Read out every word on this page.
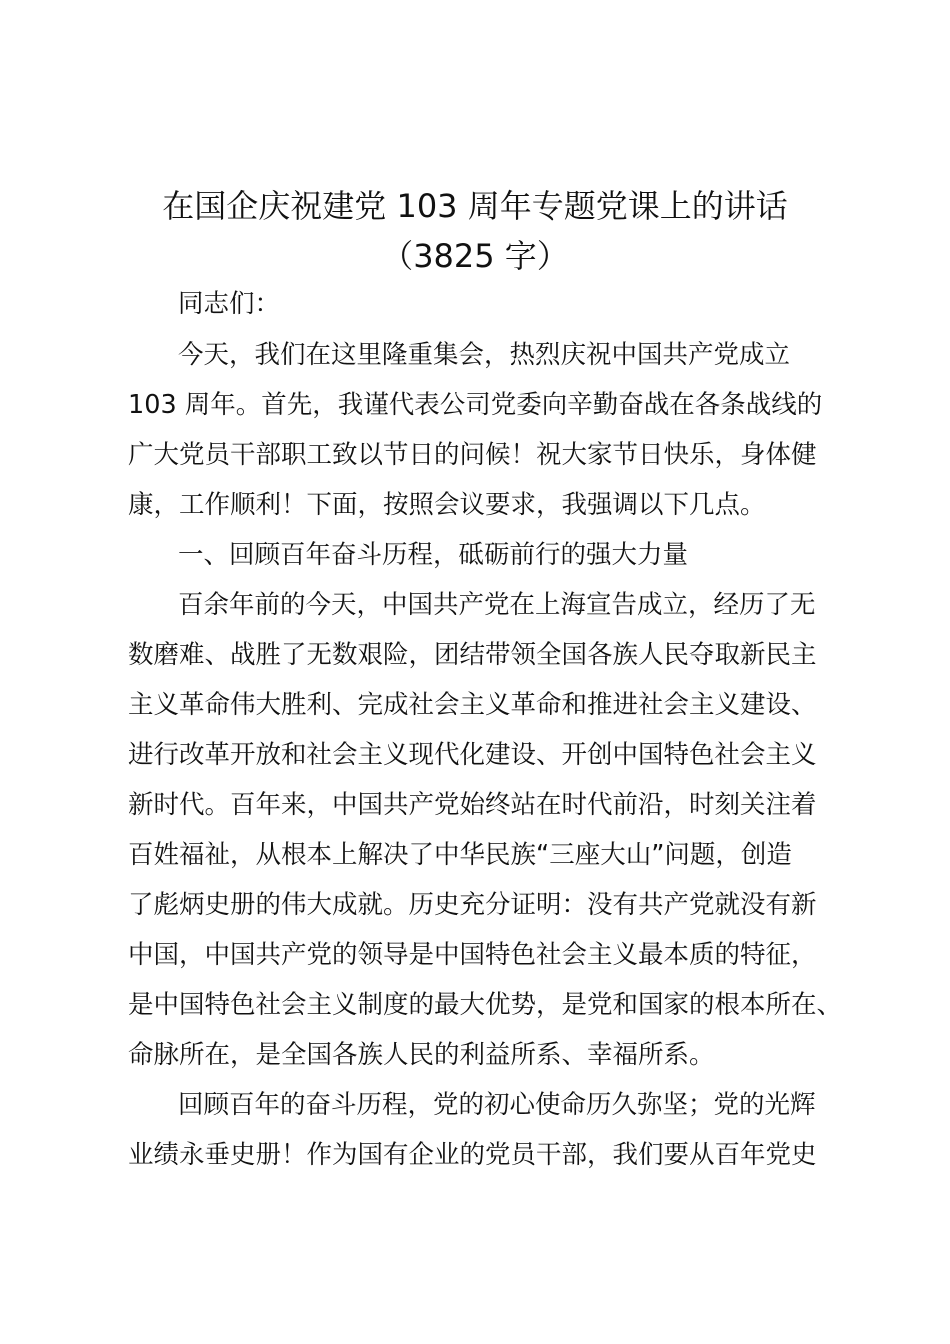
在国企庆祝建党 103 周年专题党课上的讲话
（3825 字）
同志们：
今天，我们在这里隆重集会，热烈庆祝中国共产党成立
103 周年。首先，我谨代表公司党委向辛勤奋战在各条战线的
广大党员干部职工致以节日的问候！祝大家节日快乐，身体健
康，工作顺利！下面，按照会议要求，我强调以下几点。
一、回顾百年奋斗历程，砥砺前行的强大力量
百余年前的今天，中国共产党在上海宣告成立，经历了无
数磨难、战胜了无数艰险，团结带领全国各族人民夺取新民主
主义革命伟大胜利、完成社会主义革命和推进社会主义建设、
进行改革开放和社会主义现代化建设、开创中国特色社会主义
新时代。百年来，中国共产党始终站在时代前沿，时刻关注着
百姓福祉，从根本上解决了中华民族“三座大山”问题，创造
了彪炳史册的伟大成就。历史充分证明：没有共产党就没有新
中国，中国共产党的领导是中国特色社会主义最本质的特征，
是中国特色社会主义制度的最大优势，是党和国家的根本所在、
命脉所在，是全国各族人民的利益所系、幸福所系。
回顾百年的奋斗历程，党的初心使命历久弥坚；党的光辉
业绩永垂史册！作为国有企业的党员干部，我们要从百年党史
